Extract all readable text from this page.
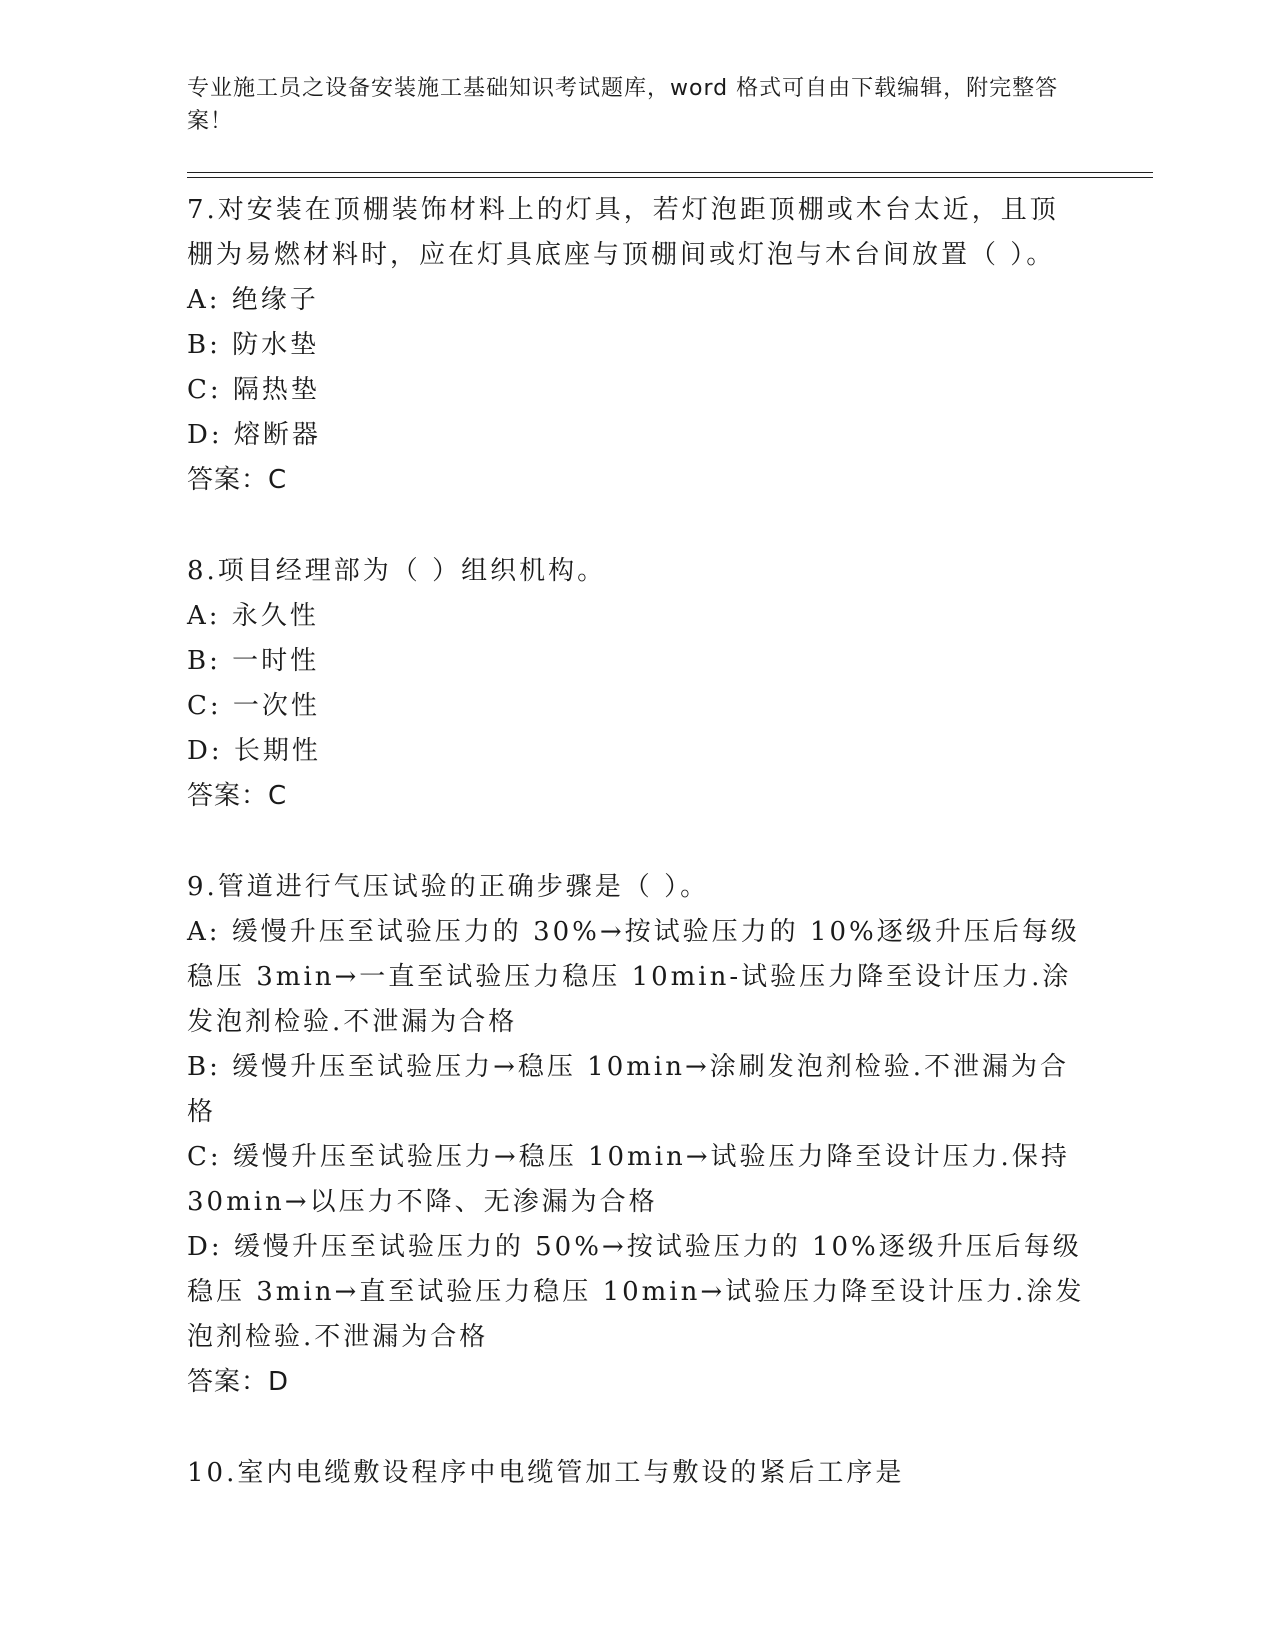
专业施工员之设备安装施工基础知识考试题库，word 格式可自由下载编辑，附完整答案！

7.对安装在顶棚装饰材料上的灯具，若灯泡距顶棚或木台太近，且顶棚为易燃材料时，应在灯具底座与顶棚间或灯泡与木台间放置（ ）。

A: 绝缘子

B: 防水垫

C: 隔热垫

D: 熔断器

答案：C

8.项目经理部为（ ）组织机构。

A: 永久性

B: 一时性

C: 一次性

D: 长期性

答案：C

9.管道进行气压试验的正确步骤是（ ）。

A: 缓慢升压至试验压力的 30%→按试验压力的 10%逐级升压后每级稳压 3min→一直至试验压力稳压 10min-试验压力降至设计压力.涂发泡剂检验.不泄漏为合格

B: 缓慢升压至试验压力→稳压 10min→涂刷发泡剂检验.不泄漏为合格

C: 缓慢升压至试验压力→稳压 10min→试验压力降至设计压力.保持30min→以压力不降、无渗漏为合格

D: 缓慢升压至试验压力的 50%→按试验压力的 10%逐级升压后每级稳压 3min→直至试验压力稳压 10min→试验压力降至设计压力.涂发泡剂检验.不泄漏为合格

答案：D

10.室内电缆敷设程序中电缆管加工与敷设的紧后工序是
